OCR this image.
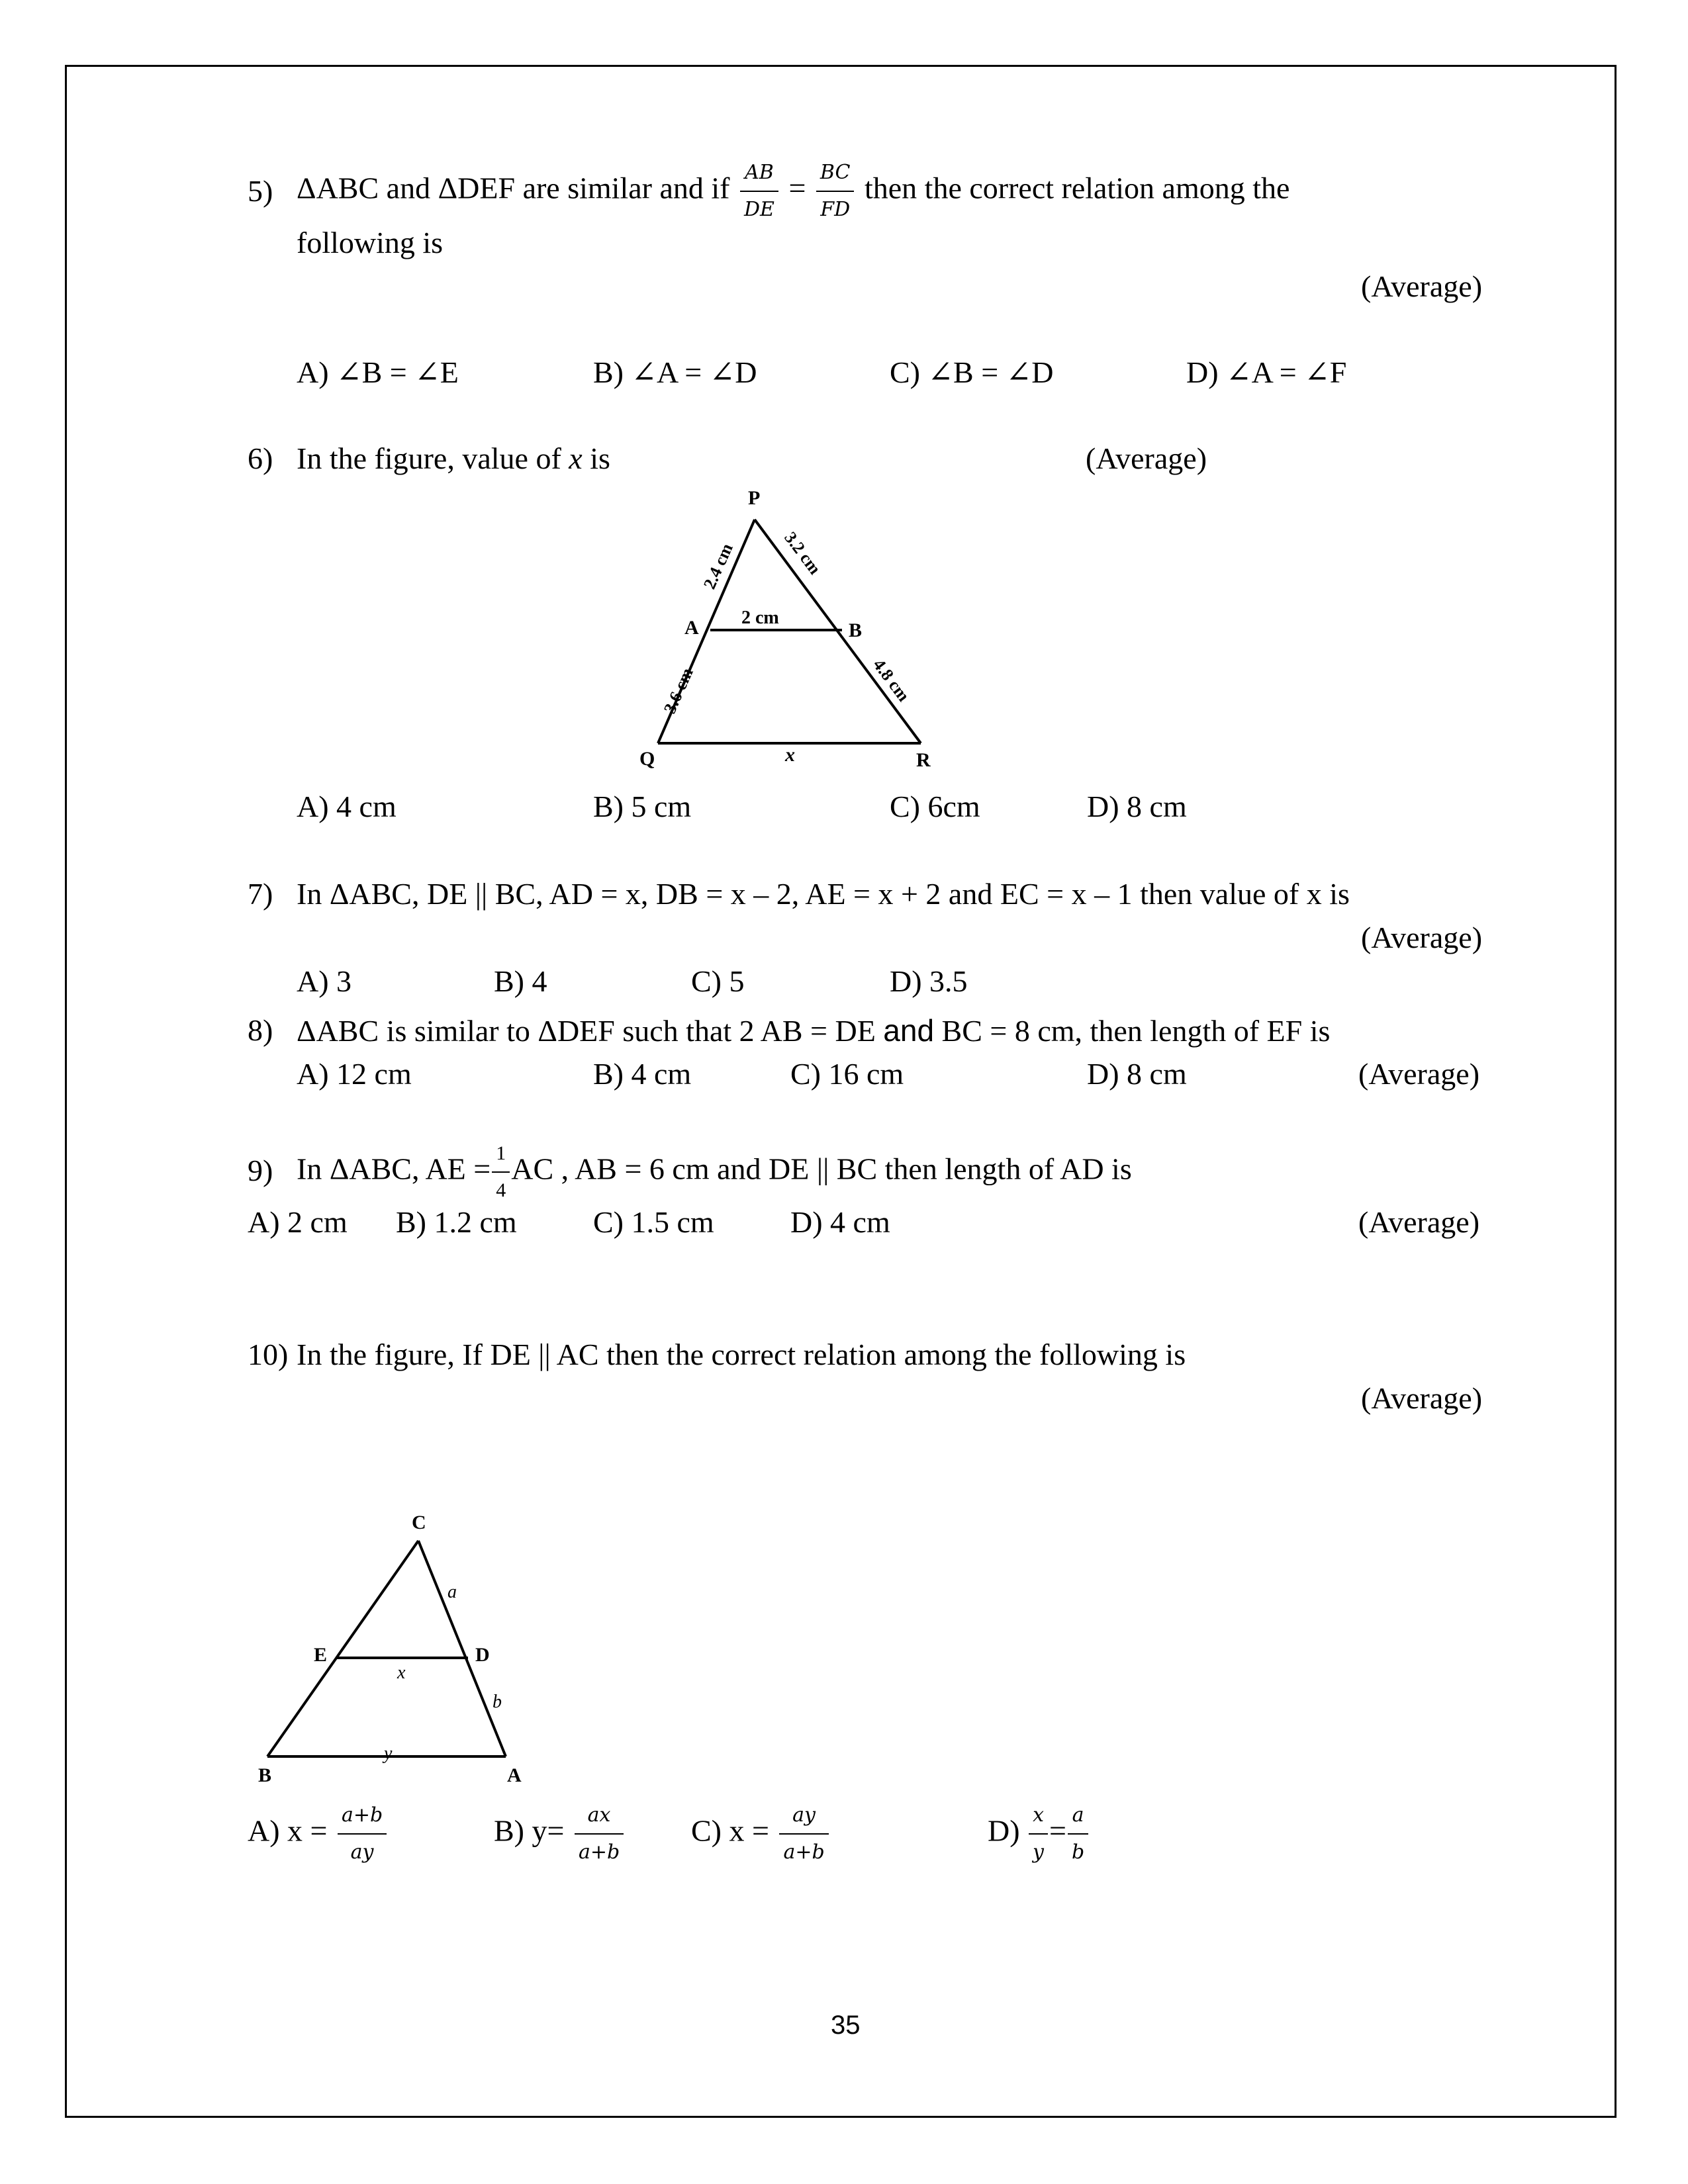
5) ΔABC and ΔDEF are similar and if $\frac{AB}{DE} = \frac{BC}{FD}$ then the correct relation among the
following is
(Average)
A) ∠B = ∠E	B) ∠A = ∠D	C) ∠B = ∠D	D) ∠A = ∠F
6) In the figure, value of x is	(Average)
P
Q	R
A	B
x
2 cm
2.4 cm	3.2 cm
3.6 cm	4.8 cm
A) 4 cm	B) 5 cm	C) 6cm	D) 8 cm
7) In ΔABC, DE || BC, AD = x, DB = x – 2, AE = x + 2 and EC = x – 1 then value of x is
(Average)
A) 3	B) 4	C) 5	D) 3.5
8) ΔABC is similar to ΔDEF such that 2 AB = DE and BC = 8 cm, then length of EF is
A) 12 cm	B) 4 cm	C) 16 cm	D) 8 cm	(Average)
9) In ΔABC, AE = $\frac{1}{4}$ AC , AB = 6 cm and DE || BC then length of AD is
A) 2 cm B) 1.2 cm	C) 1.5 cm	D) 4 cm	(Average)
10) In the figure, If DE || AC then the correct relation among the following is
(Average)
C
E	D
B	A
a
b
x
y
A) $x = \frac{a+b}{ay}$	B) $y= \frac{ax}{a+b} C$) $x = \frac{ay}{a+b}$	$D) \frac{x}{y} = \frac{a}{b}$
35
